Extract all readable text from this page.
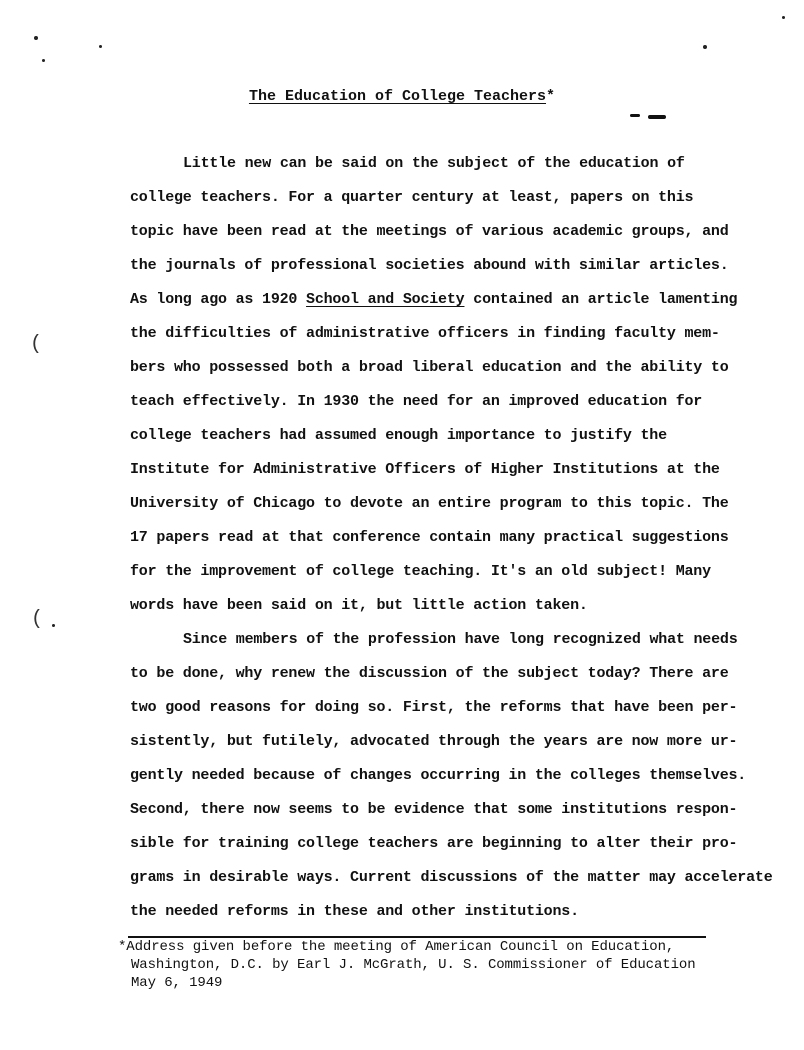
(
(
The Education of College Teachers*
Little new can be said on the subject of the education of
college teachers. For a quarter century at least, papers on this
topic have been read at the meetings of various academic groups, and
the journals of professional societies abound with similar articles.
As long ago as 1920 School and Society contained an article lamenting
the difficulties of administrative officers in finding faculty mem-
bers who possessed both a broad liberal education and the ability to
teach effectively. In 1930 the need for an improved education for
college teachers had assumed enough importance to justify the
Institute for Administrative Officers of Higher Institutions at the
University of Chicago to devote an entire program to this topic. The
17 papers read at that conference contain many practical suggestions
for the improvement of college teaching. It's an old subject! Many
words have been said on it, but little action taken.
Since members of the profession have long recognized what needs
to be done, why renew the discussion of the subject today? There are
two good reasons for doing so. First, the reforms that have been per-
sistently, but futilely, advocated through the years are now more ur-
gently needed because of changes occurring in the colleges themselves.
Second, there now seems to be evidence that some institutions respon-
sible for training college teachers are beginning to alter their pro-
grams in desirable ways. Current discussions of the matter may accelerate
the needed reforms in these and other institutions.
*Address given before the meeting of American Council on Education,
Washington, D.C. by Earl J. McGrath, U. S. Commissioner of Education
May 6, 1949
